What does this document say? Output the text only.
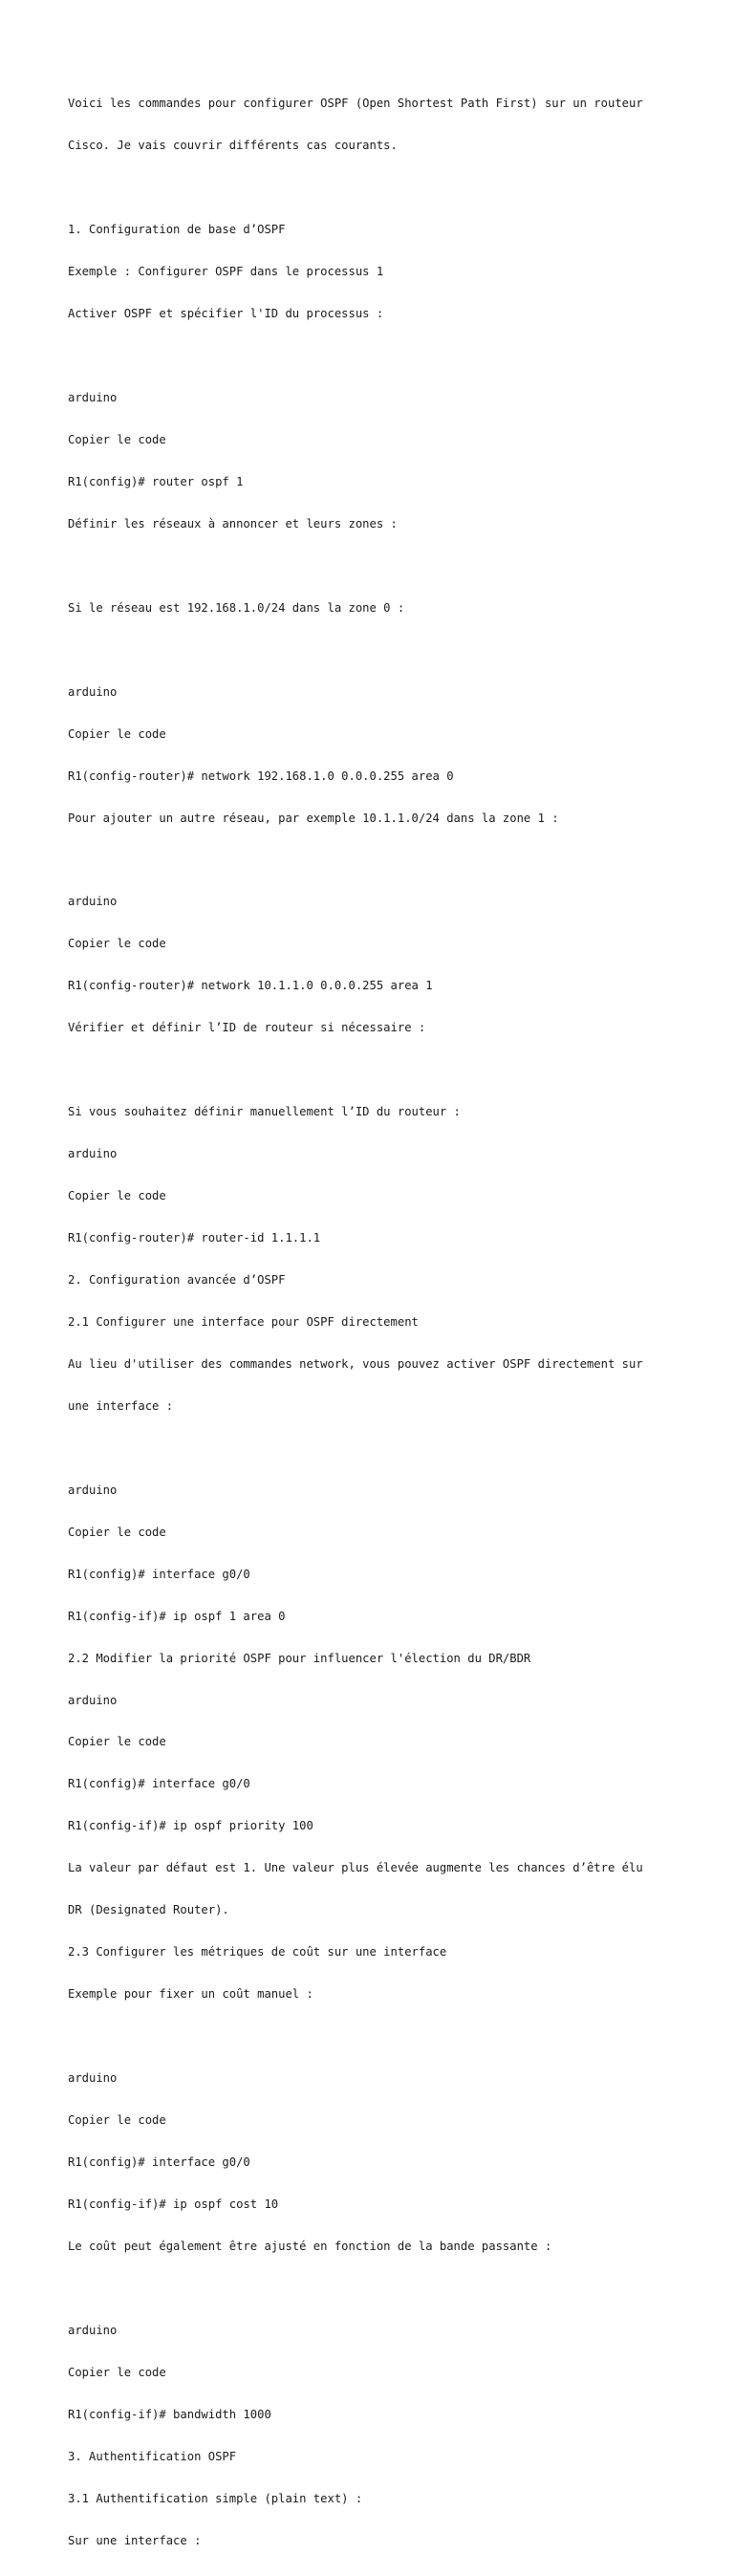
Voici les commandes pour configurer OSPF (Open Shortest Path First) sur un routeur

Cisco. Je vais couvrir différents cas courants.

1. Configuration de base d’OSPF

Exemple : Configurer OSPF dans le processus 1

Activer OSPF et spécifier l'ID du processus :

arduino

Copier le code

R1(config)# router ospf 1

Définir les réseaux à annoncer et leurs zones :

Si le réseau est 192.168.1.0/24 dans la zone 0 :

arduino

Copier le code

R1(config-router)# network 192.168.1.0 0.0.0.255 area 0

Pour ajouter un autre réseau, par exemple 10.1.1.0/24 dans la zone 1 :

arduino

Copier le code

R1(config-router)# network 10.1.1.0 0.0.0.255 area 1

Vérifier et définir l’ID de routeur si nécessaire :

Si vous souhaitez définir manuellement l’ID du routeur :

arduino

Copier le code

R1(config-router)# router-id 1.1.1.1

2. Configuration avancée d’OSPF

2.1 Configurer une interface pour OSPF directement

Au lieu d'utiliser des commandes network, vous pouvez activer OSPF directement sur

une interface :

arduino

Copier le code

R1(config)# interface g0/0

R1(config-if)# ip ospf 1 area 0

2.2 Modifier la priorité OSPF pour influencer l'élection du DR/BDR

arduino

Copier le code

R1(config)# interface g0/0

R1(config-if)# ip ospf priority 100

La valeur par défaut est 1. Une valeur plus élevée augmente les chances d’être élu

DR (Designated Router).

2.3 Configurer les métriques de coût sur une interface

Exemple pour fixer un coût manuel :

arduino

Copier le code

R1(config)# interface g0/0

R1(config-if)# ip ospf cost 10

Le coût peut également être ajusté en fonction de la bande passante :

arduino

Copier le code

R1(config-if)# bandwidth 1000

3. Authentification OSPF

3.1 Authentification simple (plain text) :

Sur une interface :
